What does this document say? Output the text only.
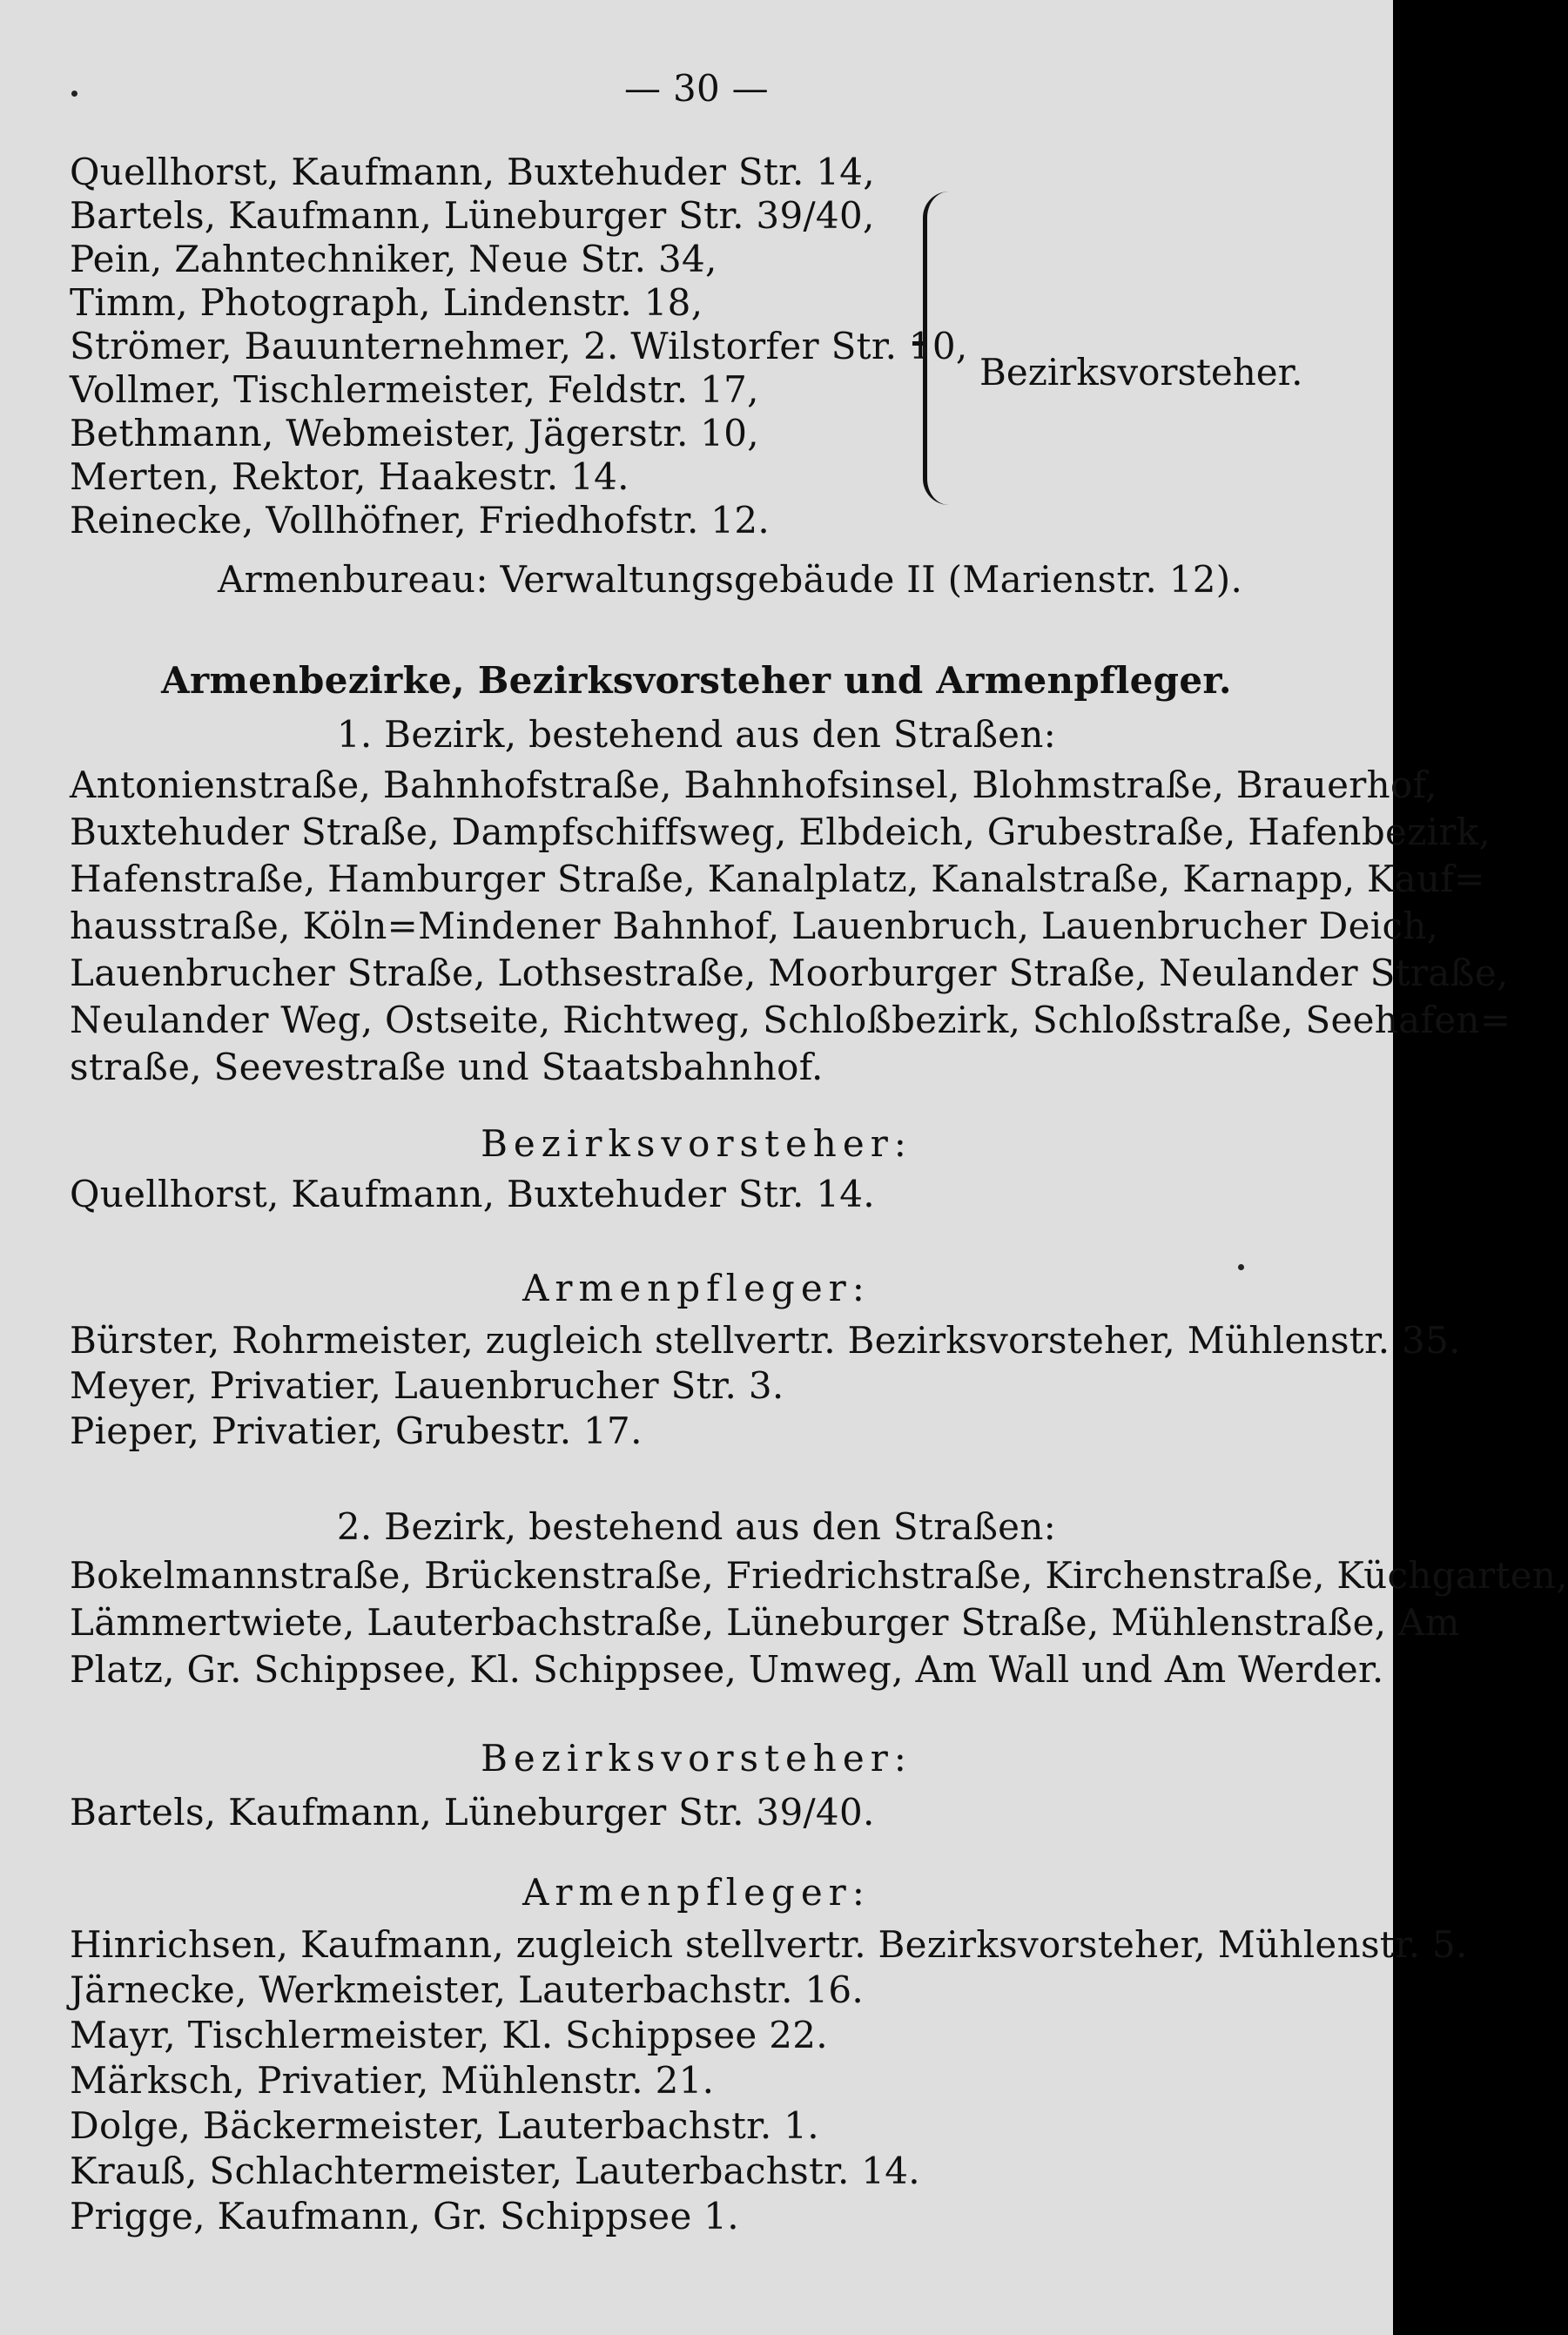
— 30 —
Quellhorst, Kaufmann, Buxtehuder Str. 14,
Bartels, Kaufmann, Lüneburger Str. 39/40,
Pein, Zahntechniker, Neue Str. 34,
Timm, Photograph, Lindenstr. 18,
Strömer, Bauunternehmer, 2. Wilstorfer Str. 10,
Vollmer, Tischlermeister, Feldstr. 17,
Bethmann, Webmeister, Jägerstr. 10,
Merten, Rektor, Haakestr. 14.
Reinecke, Vollhöfner, Friedhofstr. 12.
Bezirksvorsteher.
Armenbureau: Verwaltungsgebäude II (Marienstr. 12).
Armenbezirke, Bezirksvorsteher und Armenpfleger.
1. Bezirk, bestehend aus den Straßen:
Antonienstraße, Bahnhofstraße, Bahnhofsinsel, Blohmstraße, Brauerhof,
Buxtehuder Straße, Dampfschiffsweg, Elbdeich, Grubestraße, Hafenbezirk,
Hafenstraße, Hamburger Straße, Kanalplatz, Kanalstraße, Karnapp, Kauf=
hausstraße, Köln=Mindener Bahnhof, Lauenbruch, Lauenbrucher Deich,
Lauenbrucher Straße, Lothsestraße, Moorburger Straße, Neulander Straße,
Neulander Weg, Ostseite, Richtweg, Schloßbezirk, Schloßstraße, Seehafen=
straße, Seevestraße und Staatsbahnhof.
Bezirksvorsteher:
Quellhorst, Kaufmann, Buxtehuder Str. 14.
Armenpfleger:
Bürster, Rohrmeister, zugleich stellvertr. Bezirksvorsteher, Mühlenstr. 35.
Meyer, Privatier, Lauenbrucher Str. 3.
Pieper, Privatier, Grubestr. 17.
2. Bezirk, bestehend aus den Straßen:
Bokelmannstraße, Brückenstraße, Friedrichstraße, Kirchenstraße, Küchgarten,
Lämmertwiete, Lauterbachstraße, Lüneburger Straße, Mühlenstraße, Am
Platz, Gr. Schippsee, Kl. Schippsee, Umweg, Am Wall und Am Werder.
Bezirksvorsteher:
Bartels, Kaufmann, Lüneburger Str. 39/40.
Armenpfleger:
Hinrichsen, Kaufmann, zugleich stellvertr. Bezirksvorsteher, Mühlenstr. 5.
Järnecke, Werkmeister, Lauterbachstr. 16.
Mayr, Tischlermeister, Kl. Schippsee 22.
Märksch, Privatier, Mühlenstr. 21.
Dolge, Bäckermeister, Lauterbachstr. 1.
Krauß, Schlachtermeister, Lauterbachstr. 14.
Prigge, Kaufmann, Gr. Schippsee 1.
